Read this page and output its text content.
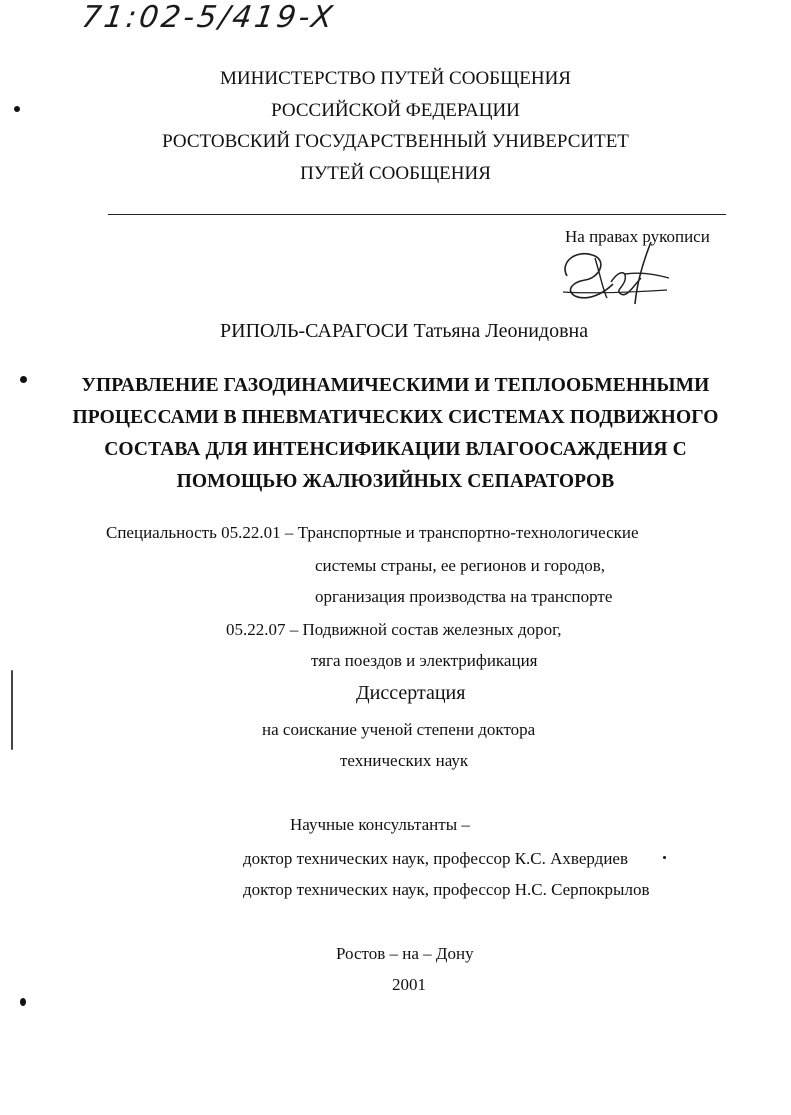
71:02-5/419-X
МИНИСТЕРСТВО ПУТЕЙ СООБЩЕНИЯ
РОССИЙСКОЙ ФЕДЕРАЦИИ
РОСТОВСКИЙ ГОСУДАРСТВЕННЫЙ УНИВЕРСИТЕТ
ПУТЕЙ СООБЩЕНИЯ
На правах рукописи
РИПОЛЬ-САРАГОСИ Татьяна Леонидовна
УПРАВЛЕНИЕ ГАЗОДИНАМИЧЕСКИМИ И ТЕПЛООБМЕННЫМИ
ПРОЦЕССАМИ В ПНЕВМАТИЧЕСКИХ СИСТЕМАХ ПОДВИЖНОГО
СОСТАВА ДЛЯ ИНТЕНСИФИКАЦИИ ВЛАГООСАЖДЕНИЯ С
ПОМОЩЬЮ ЖАЛЮЗИЙНЫХ СЕПАРАТОРОВ
Специальность 05.22.01 – Транспортные и транспортно-технологические
системы страны, ее регионов и городов,
организация производства на транспорте
05.22.07 – Подвижной состав железных дорог,
тяга поездов и электрификация
Диссертация
на соискание ученой степени доктора
технических наук
Научные консультанты –
доктор технических наук, профессор К.С. Ахвердиев
доктор технических наук, профессор Н.С. Серпокрылов
Ростов – на – Дону
2001
